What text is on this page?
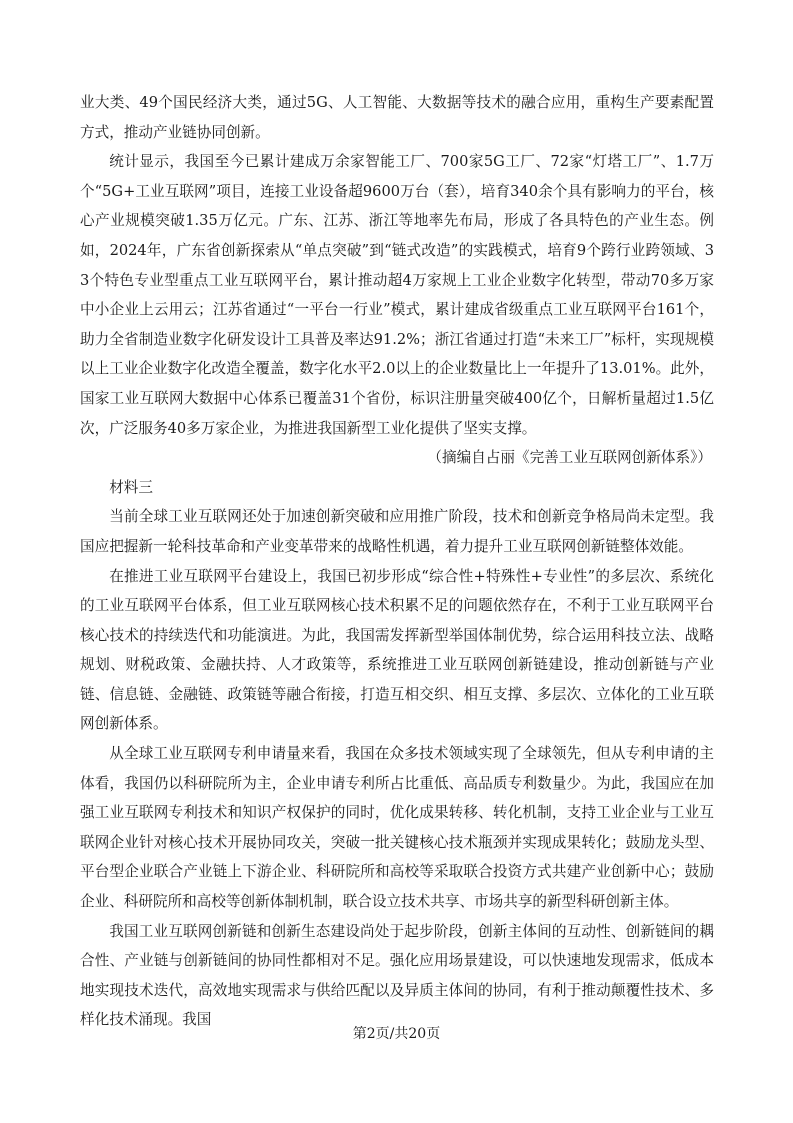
业大类、49个国民经济大类，通过5G、人工智能、大数据等技术的融合应用，重构生产要素配置方式，推动产业链协同创新。

统计显示，我国至今已累计建成万余家智能工厂、700家5G工厂、72家“灯塔工厂”、1.7万个“5G+工业互联网”项目，连接工业设备超9600万台（套），培育340余个具有影响力的平台，核心产业规模突破1.35万亿元。广东、江苏、浙江等地率先布局，形成了各具特色的产业生态。例如，2024年，广东省创新探索从“单点突破”到“链式改造”的实践模式，培育9个跨行业跨领域、33个特色专业型重点工业互联网平台，累计推动超4万家规上工业企业数字化转型，带动70多万家中小企业上云用云；江苏省通过“一平台一行业”模式，累计建成省级重点工业互联网平台161个，助力全省制造业数字化研发设计工具普及率达91.2%；浙江省通过打造“未来工厂”标杆，实现规模以上工业企业数字化改造全覆盖，数字化水平2.0以上的企业数量比上一年提升了13.01%。此外，国家工业互联网大数据中心体系已覆盖31个省份，标识注册量突破400亿个，日解析量超过1.5亿次，广泛服务40多万家企业，为推进我国新型工业化提供了坚实支撑。

（摘编自占丽《完善工业互联网创新体系》）

材料三

当前全球工业互联网还处于加速创新突破和应用推广阶段，技术和创新竞争格局尚未定型。我国应把握新一轮科技革命和产业变革带来的战略性机遇，着力提升工业互联网创新链整体效能。

在推进工业互联网平台建设上，我国已初步形成“综合性+特殊性+专业性”的多层次、系统化的工业互联网平台体系，但工业互联网核心技术积累不足的问题依然存在，不利于工业互联网平台核心技术的持续迭代和功能演进。为此，我国需发挥新型举国体制优势，综合运用科技立法、战略规划、财税政策、金融扶持、人才政策等，系统推进工业互联网创新链建设，推动创新链与产业链、信息链、金融链、政策链等融合衔接，打造互相交织、相互支撑、多层次、立体化的工业互联网创新体系。

从全球工业互联网专利申请量来看，我国在众多技术领域实现了全球领先，但从专利申请的主体看，我国仍以科研院所为主，企业申请专利所占比重低、高品质专利数量少。为此，我国应在加强工业互联网专利技术和知识产权保护的同时，优化成果转移、转化机制，支持工业企业与工业互联网企业针对核心技术开展协同攻关，突破一批关键核心技术瓶颈并实现成果转化；鼓励龙头型、平台型企业联合产业链上下游企业、科研院所和高校等采取联合投资方式共建产业创新中心；鼓励企业、科研院所和高校等创新体制机制，联合设立技术共享、市场共享的新型科研创新主体。

我国工业互联网创新链和创新生态建设尚处于起步阶段，创新主体间的互动性、创新链间的耦合性、产业链与创新链间的协同性都相对不足。强化应用场景建设，可以快速地发现需求，低成本地实现技术迭代，高效地实现需求与供给匹配以及异质主体间的协同，有利于推动颠覆性技术、多样化技术涌现。我国

第2页/共20页
